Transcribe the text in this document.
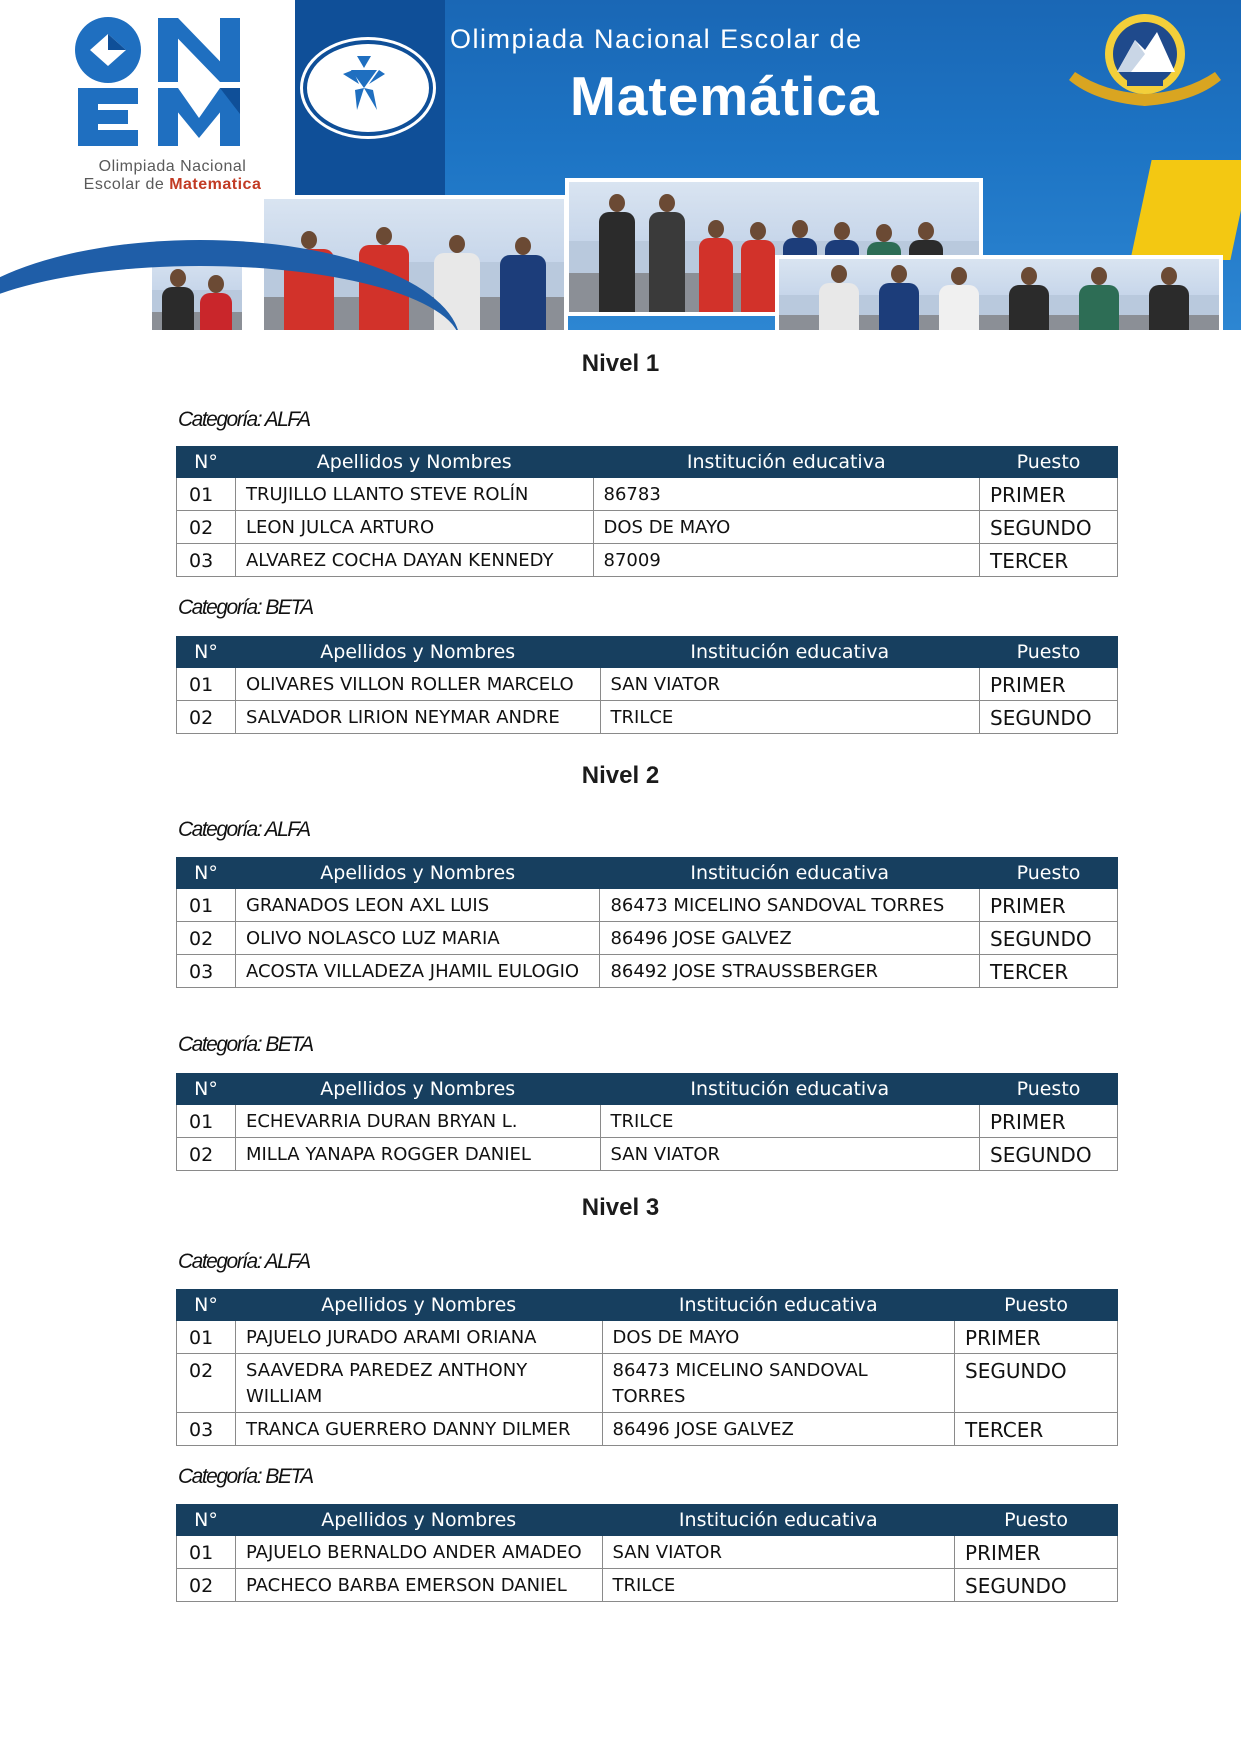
Olimpiada Nacional
Escolar de Matematica
Olimpiada Nacional Escolar de
Matemática
Nivel 1
Categoría: ALFA
N°	Apellidos y Nombres	Institución educativa	Puesto
01	TRUJILLO LLANTO STEVE ROLÍN	86783	PRIMER
02	LEON JULCA ARTURO	DOS DE MAYO	SEGUNDO
03	ALVAREZ COCHA DAYAN KENNEDY	87009	TERCER
Categoría: BETA
N°	Apellidos y Nombres	Institución educativa	Puesto
01	OLIVARES VILLON ROLLER MARCELO	SAN VIATOR	PRIMER
02	SALVADOR LIRION NEYMAR ANDRE	TRILCE	SEGUNDO
Nivel 2
Categoría: ALFA
N°	Apellidos y Nombres	Institución educativa	Puesto
01	GRANADOS LEON AXL LUIS	86473 MICELINO SANDOVAL TORRES	PRIMER
02	OLIVO NOLASCO LUZ MARIA	86496 JOSE GALVEZ	SEGUNDO
03	ACOSTA VILLADEZA JHAMIL EULOGIO	86492 JOSE STRAUSSBERGER	TERCER
Categoría: BETA
N°	Apellidos y Nombres	Institución educativa	Puesto
01	ECHEVARRIA DURAN BRYAN L.	TRILCE	PRIMER
02	MILLA YANAPA ROGGER DANIEL	SAN VIATOR	SEGUNDO
Nivel 3
Categoría: ALFA
N°	Apellidos y Nombres	Institución educativa	Puesto
01	PAJUELO JURADO ARAMI ORIANA	DOS DE MAYO	PRIMER
02	SAAVEDRA PAREDEZ ANTHONY WILLIAM	86473 MICELINO SANDOVAL TORRES	SEGUNDO
03	TRANCA GUERRERO DANNY DILMER	86496 JOSE GALVEZ	TERCER
Categoría: BETA
N°	Apellidos y Nombres	Institución educativa	Puesto
01	PAJUELO BERNALDO ANDER AMADEO	SAN VIATOR	PRIMER
02	PACHECO BARBA EMERSON DANIEL	TRILCE	SEGUNDO
